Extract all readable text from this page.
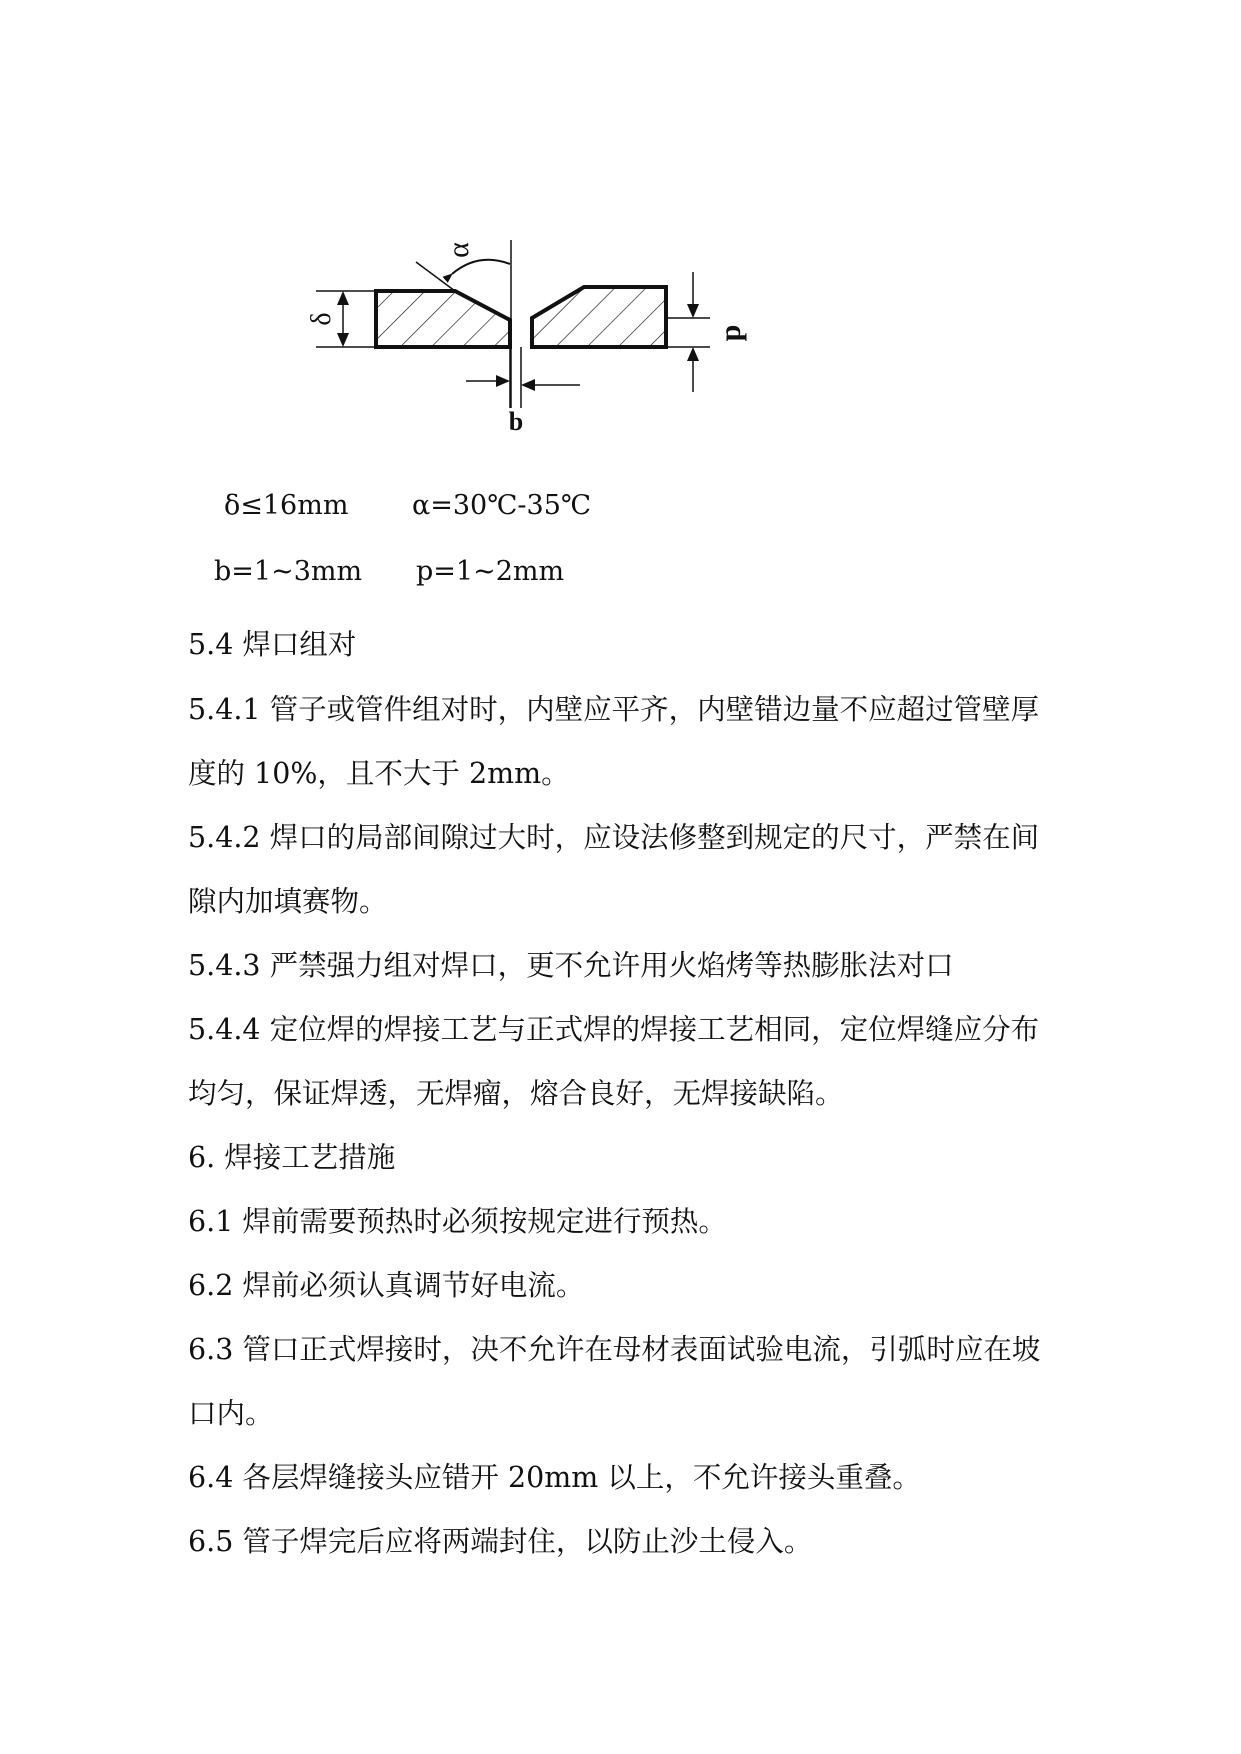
α
δ
p
b
δ≤16mm α=30℃-35℃
b=1~3mm p=1~2mm
5.4 焊口组对
5.4.1 管子或管件组对时，内壁应平齐，内壁错边量不应超过管壁厚
度的 10%，且不大于 2mm。
5.4.2 焊口的局部间隙过大时，应设法修整到规定的尺寸，严禁在间
隙内加填赛物。
5.4.3 严禁强力组对焊口，更不允许用火焰烤等热膨胀法对口
5.4.4 定位焊的焊接工艺与正式焊的焊接工艺相同，定位焊缝应分布
均匀，保证焊透，无焊瘤，熔合良好，无焊接缺陷。
6. 焊接工艺措施
6.1 焊前需要预热时必须按规定进行预热。
6.2 焊前必须认真调节好电流。
6.3 管口正式焊接时，决不允许在母材表面试验电流，引弧时应在坡
口内。
6.4 各层焊缝接头应错开 20mm 以上，不允许接头重叠。
6.5 管子焊完后应将两端封住，以防止沙土侵入。
